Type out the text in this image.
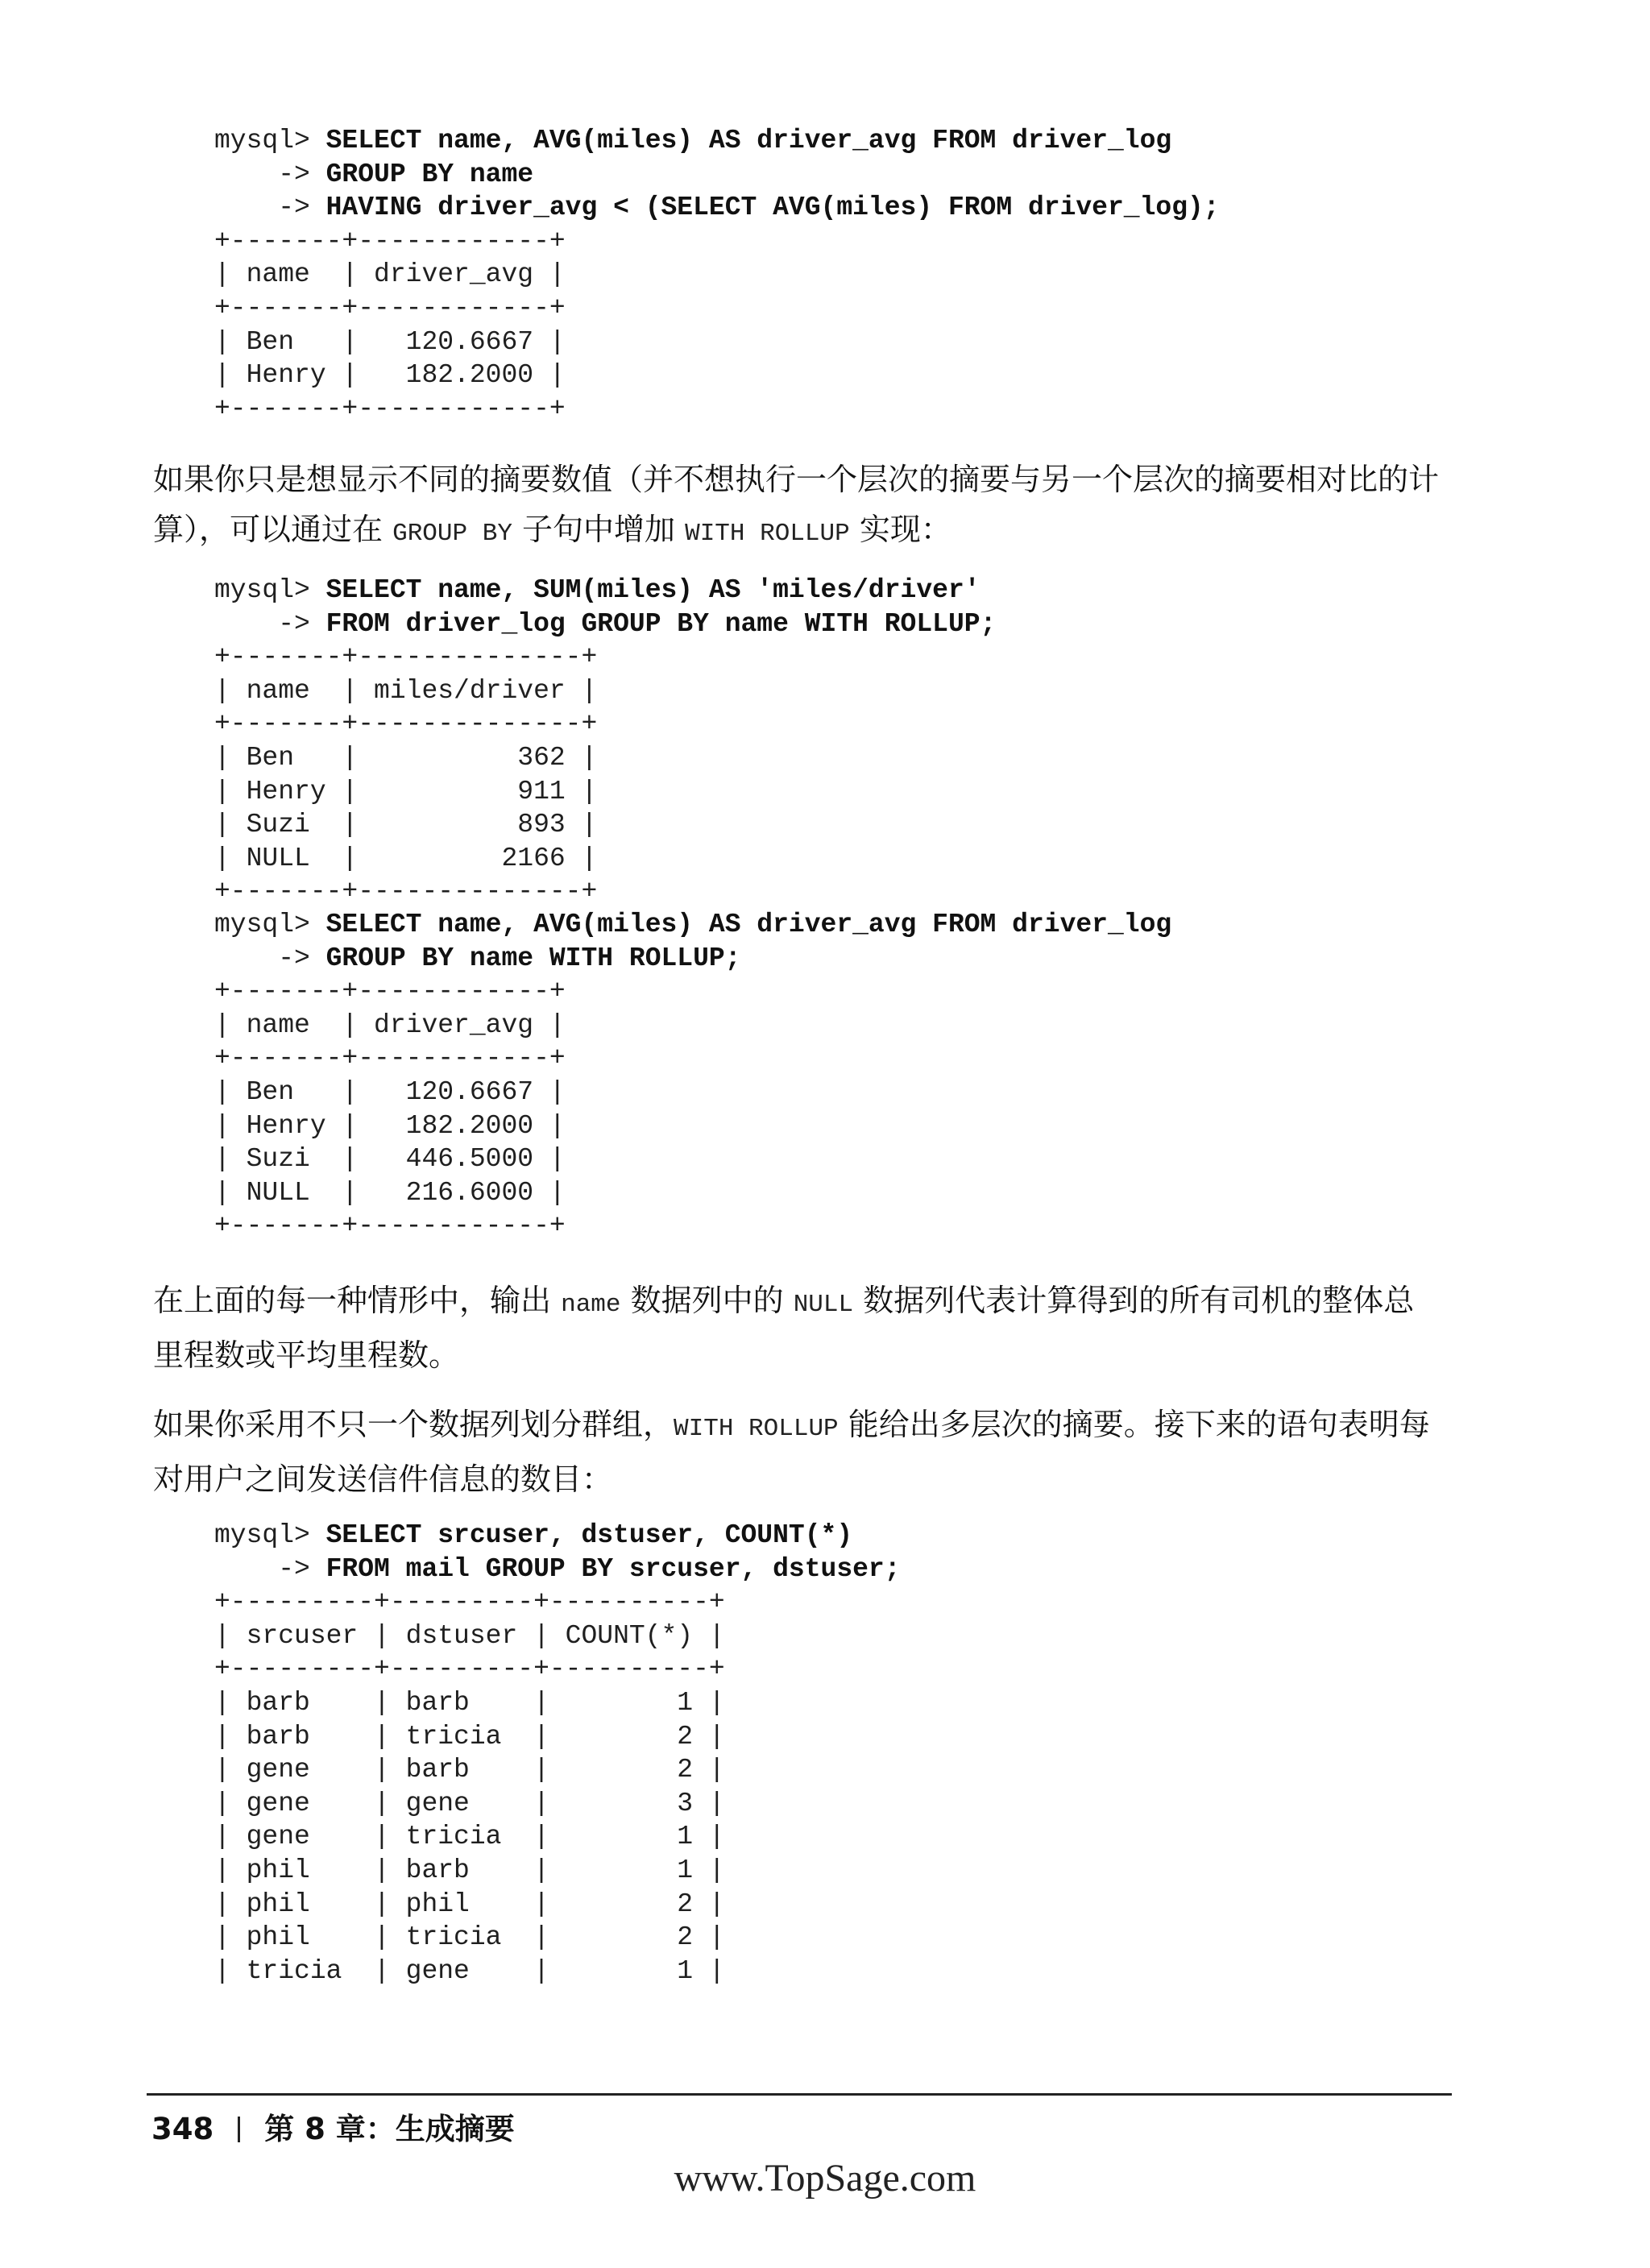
mysql> SELECT name, AVG(miles) AS driver_avg FROM driver_log
-> GROUP BY name
-> HAVING driver_avg < (SELECT AVG(miles) FROM driver_log);
+-------+------------+
| name  | driver_avg |
+-------+------------+
| Ben   |   120.6667 |
| Henry |   182.2000 |
+-------+------------+

如果你只是想显示不同的摘要数值（并不想执行一个层次的摘要与另一个层次的摘要相对比的计算），可以通过在 GROUP BY 子句中增加 WITH ROLLUP 实现：

mysql> SELECT name, SUM(miles) AS 'miles/driver'
-> FROM driver_log GROUP BY name WITH ROLLUP;
+-------+--------------+
| name  | miles/driver |
+-------+--------------+
| Ben   |          362 |
| Henry |          911 |
| Suzi  |          893 |
| NULL  |         2166 |
+-------+--------------+
mysql> SELECT name, AVG(miles) AS driver_avg FROM driver_log
-> GROUP BY name WITH ROLLUP;
+-------+------------+
| name  | driver_avg |
+-------+------------+
| Ben   |   120.6667 |
| Henry |   182.2000 |
| Suzi  |   446.5000 |
| NULL  |   216.6000 |
+-------+------------+

在上面的每一种情形中，输出 name 数据列中的 NULL 数据列代表计算得到的所有司机的整体总里程数或平均里程数。

如果你采用不只一个数据列划分群组，WITH ROLLUP 能给出多层次的摘要。接下来的语句表明每对用户之间发送信件信息的数目：

mysql> SELECT srcuser, dstuser, COUNT(*)
-> FROM mail GROUP BY srcuser, dstuser;
+---------+---------+----------+
| srcuser | dstuser | COUNT(*) |
+---------+---------+----------+
| barb    | barb    |        1 |
| barb    | tricia  |        2 |
| gene    | barb    |        2 |
| gene    | gene    |        3 |
| gene    | tricia  |        1 |
| phil    | barb    |        1 |
| phil    | phil    |        2 |
| phil    | tricia  |        2 |
| tricia  | gene    |        1 |
348 第 8 章：生成摘要
www.TopSage.com
